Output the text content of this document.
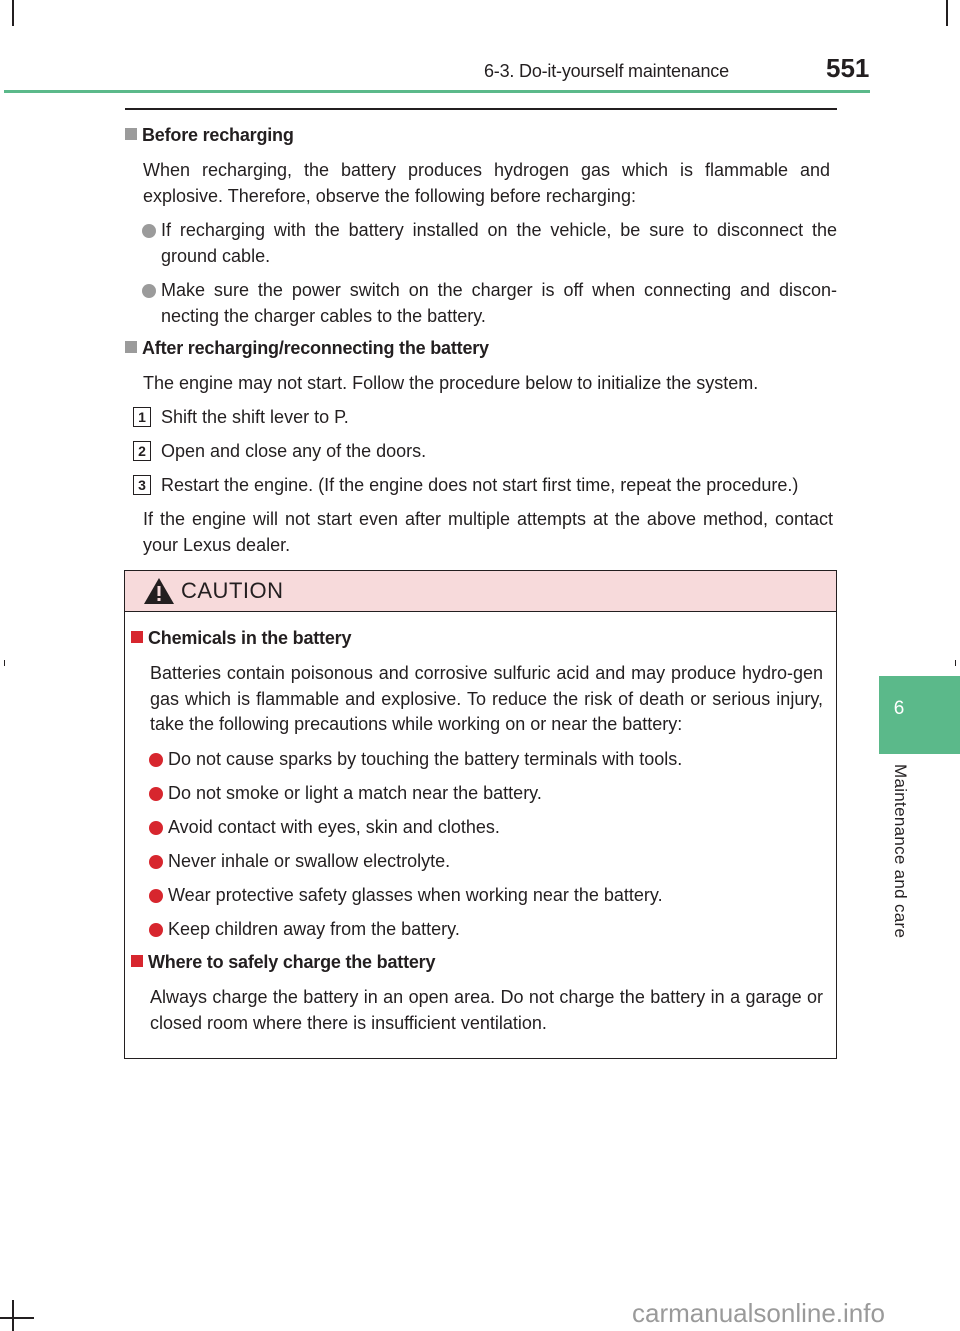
6-3. Do-it-yourself maintenance	551
6
Maintenance and care
Before recharging
When recharging, the battery produces hydrogen gas which is flammable and explosive. Therefore, observe the following before recharging:
If recharging with the battery installed on the vehicle, be sure to disconnect the ground cable.
Make sure the power switch on the charger is off when connecting and discon-necting the charger cables to the battery.
After recharging/reconnecting the battery
The engine may not start. Follow the procedure below to initialize the system.
1 Shift the shift lever to P.
2 Open and close any of the doors.
3 Restart the engine. (If the engine does not start first time, repeat the procedure.)
If the engine will not start even after multiple attempts at the above method, contact your Lexus dealer.
CAUTION
Chemicals in the battery
Batteries contain poisonous and corrosive sulfuric acid and may produce hydro-gen gas which is flammable and explosive. To reduce the risk of death or serious injury, take the following precautions while working on or near the battery:
Do not cause sparks by touching the battery terminals with tools.
Do not smoke or light a match near the battery.
Avoid contact with eyes, skin and clothes.
Never inhale or swallow electrolyte.
Wear protective safety glasses when working near the battery.
Keep children away from the battery.
Where to safely charge the battery
Always charge the battery in an open area. Do not charge the battery in a garage or closed room where there is insufficient ventilation.
carmanualsonline.info
